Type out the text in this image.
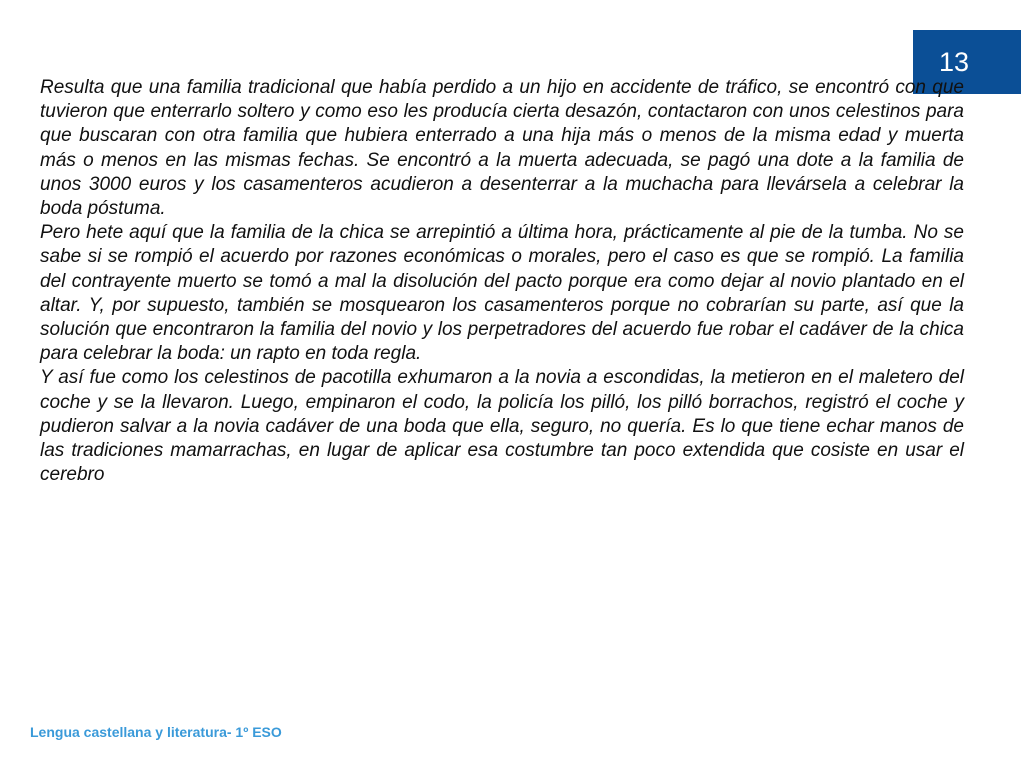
13

Resulta que una familia tradicional que había perdido a un hijo en accidente de tráfico, se encontró con que tuvieron que enterrarlo soltero y como eso les producía cierta desazón, contactaron con unos celestinos para que buscaran con otra familia que hubiera enterrado a una hija más o menos de la misma edad y muerta más o menos en las mismas fechas. Se encontró a la muerta adecuada, se pagó una dote a la familia de unos 3000 euros y los casamenteros acudieron a desenterrar a la muchacha para llevársela a celebrar la boda póstuma.

Pero hete aquí que la familia de la chica se arrepintió a última hora, prácticamente al pie de la tumba. No se sabe si se rompió el acuerdo por razones económicas o morales, pero el caso es que se rompió. La familia del contrayente muerto se tomó a mal la disolución del pacto porque era como dejar al novio plantado en el altar. Y, por supuesto, también se mosquearon los casamenteros porque no cobrarían su parte, así que la solución que encontraron la familia del novio y los perpetradores del acuerdo fue robar el cadáver de la chica para celebrar la boda: un rapto en toda regla.

Y así fue como los celestinos de pacotilla exhumaron a la novia a escondidas, la metieron en el maletero del coche y se la llevaron. Luego, empinaron el codo, la policía los pilló, los pilló borrachos, registró el coche y pudieron salvar a la novia cadáver de una boda que ella, seguro, no quería. Es lo que tiene echar manos de las tradiciones mamarrachas, en lugar de aplicar esa costumbre tan poco extendida que cosiste en usar el cerebro

Lengua castellana y literatura- 1º ESO
